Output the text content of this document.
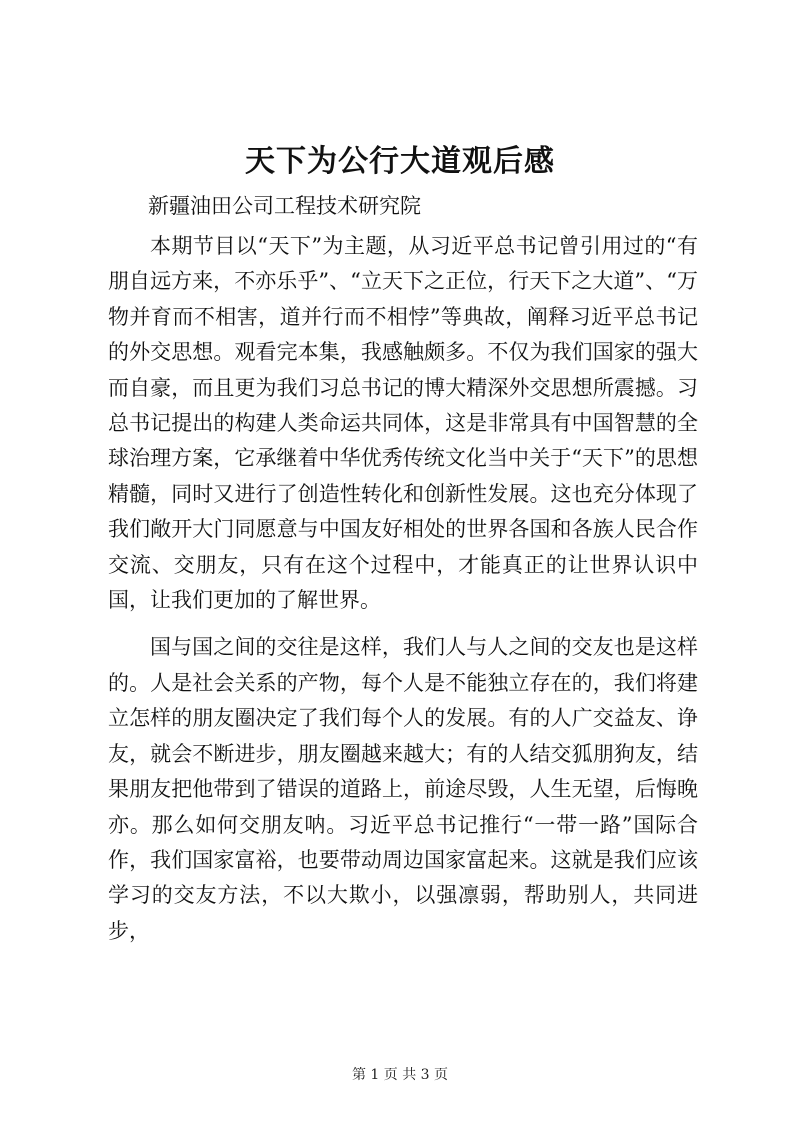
天下为公行大道观后感
新疆油田公司工程技术研究院

本期节目以“天下”为主题，从习近平总书记曾引用过的“有朋自远方来，不亦乐乎”、“立天下之正位，行天下之大道”、“万物并育而不相害，道并行而不相悖”等典故，阐释习近平总书记的外交思想。观看完本集，我感触颇多。不仅为我们国家的强大而自豪，而且更为我们习总书记的博大精深外交思想所震撼。习总书记提出的构建人类命运共同体，这是非常具有中国智慧的全球治理方案，它承继着中华优秀传统文化当中关于“天下”的思想精髓，同时又进行了创造性转化和创新性发展。这也充分体现了我们敞开大门同愿意与中国友好相处的世界各国和各族人民合作交流、交朋友，只有在这个过程中，才能真正的让世界认识中国，让我们更加的了解世界。

国与国之间的交往是这样，我们人与人之间的交友也是这样的。人是社会关系的产物，每个人是不能独立存在的，我们将建立怎样的朋友圈决定了我们每个人的发展。有的人广交益友、诤友，就会不断进步，朋友圈越来越大；有的人结交狐朋狗友，结果朋友把他带到了错误的道路上，前途尽毁，人生无望，后悔晚亦。那么如何交朋友呐。习近平总书记推行“一带一路”国际合作，我们国家富裕，也要带动周边国家富起来。这就是我们应该学习的交友方法，不以大欺小，以强凛弱，帮助别人，共同进步，

第 1 页 共 3 页
